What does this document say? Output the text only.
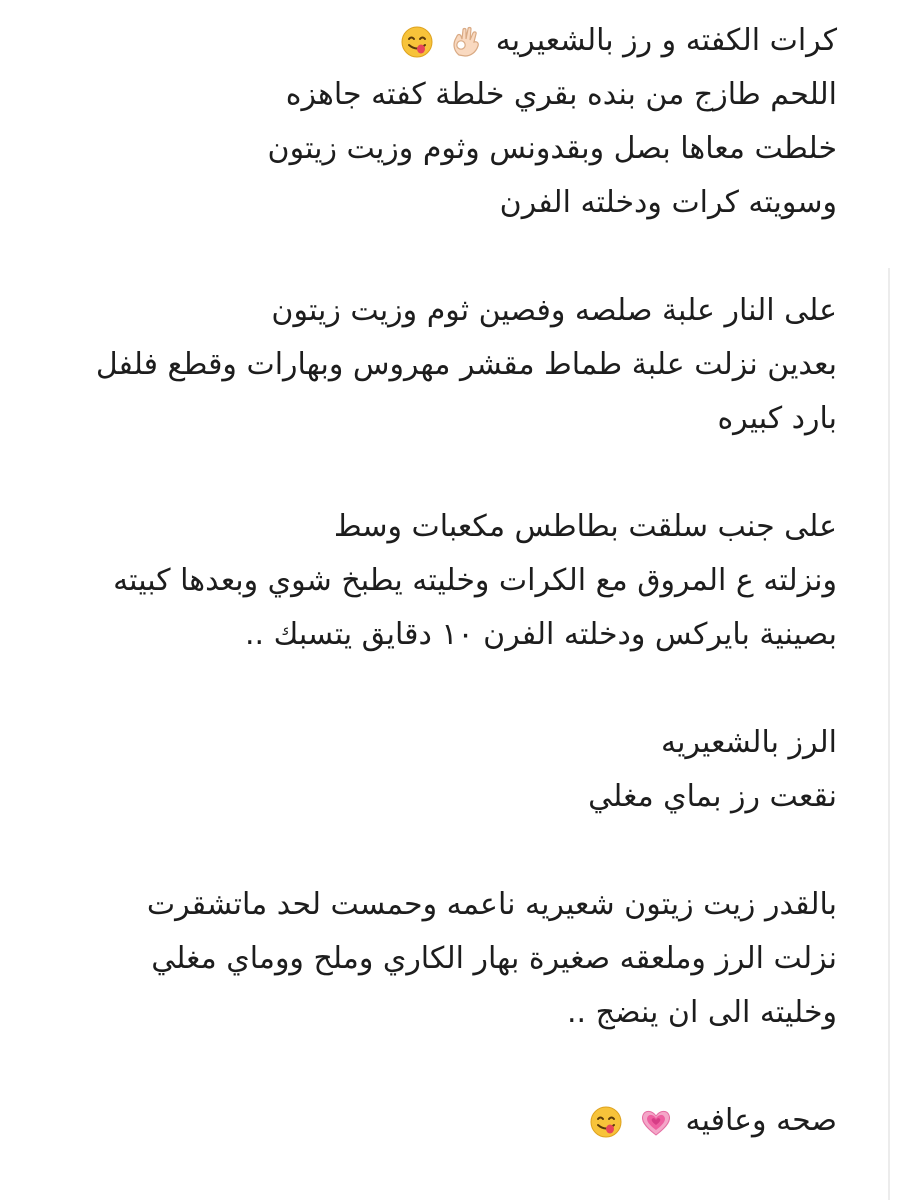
كرات الكفته و رز بالشعيريه

اللحم طازج من بنده بقري خلطة كفته جاهزه
خلطت معاها بصل وبقدونس وثوم وزيت زيتون
وسويته كرات ودخلته الفرن
على النار علبة صلصه وفصين ثوم وزيت زيتون
بعدين نزلت علبة طماط مقشر مهروس وبهارات وقطع فلفل
بارد كبيره
على جنب سلقت بطاطس مكعبات وسط
ونزلته ع المروق مع الكرات وخليته يطبخ شوي وبعدها كبيته
بصينية بايركس ودخلته الفرن ١٠ دقايق يتسبك ..
الرز بالشعيريه
نقعت رز بماي مغلي
بالقدر زيت زيتون شعيريه ناعمه وحمست لحد ماتشقرت
نزلت الرز وملعقه صغيرة بهار الكاري وملح ووماي مغلي
وخليته الى ان ينضج ..
صحه وعافيه
